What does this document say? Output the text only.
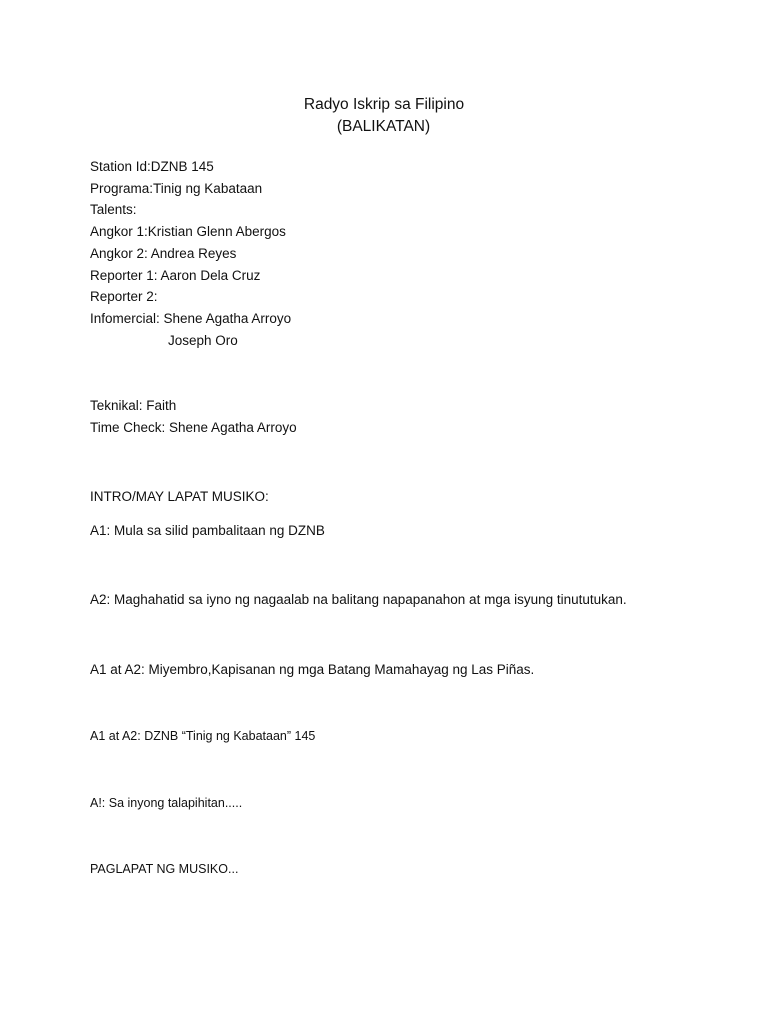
Radyo Iskrip sa Filipino
(BALIKATAN)
Station Id:DZNB 145
Programa:Tinig ng Kabataan
Talents:
Angkor 1:Kristian Glenn Abergos
Angkor 2: Andrea Reyes
Reporter 1: Aaron Dela Cruz
Reporter 2:
Infomercial: Shene Agatha Arroyo
Joseph Oro
Teknikal: Faith
Time Check: Shene Agatha Arroyo
INTRO/MAY LAPAT MUSIKO:
A1: Mula sa silid pambalitaan ng DZNB
A2: Maghahatid sa iyno ng nagaalab na balitang napapanahon at mga isyung tinututukan.
A1 at A2: Miyembro,Kapisanan ng mga Batang Mamahayag ng Las Piñas.
A1 at A2: DZNB “Tinig ng Kabataan” 145
A!: Sa inyong talapihitan.....
PAGLAPAT NG MUSIKO...
